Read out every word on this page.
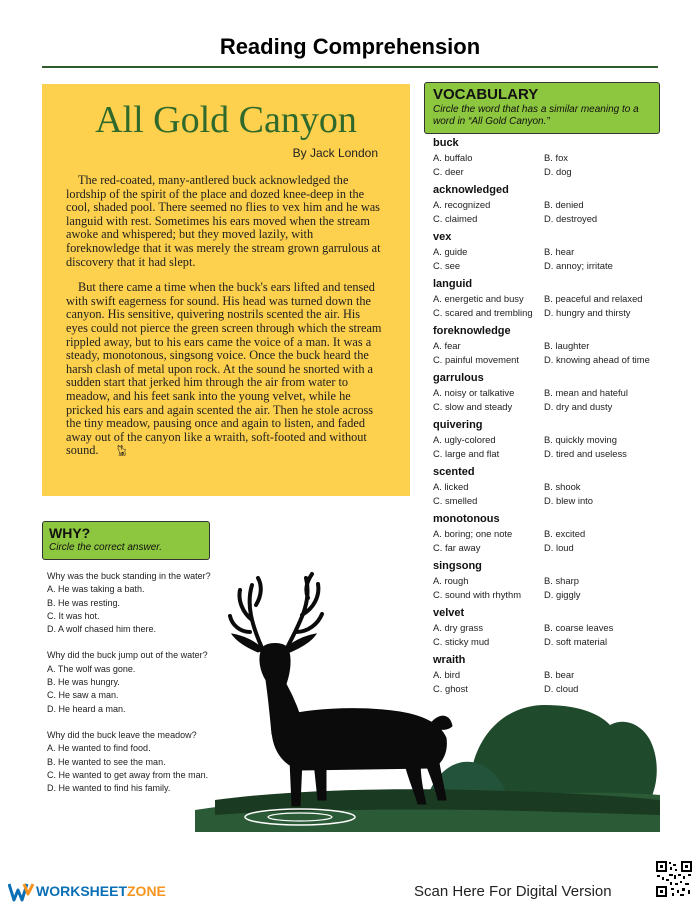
Reading Comprehension
All Gold Canyon
By Jack London

The red-coated, many-antlered buck acknowledged the lordship of the spirit of the place and dozed knee-deep in the cool, shaded pool. There seemed no flies to vex him and he was languid with rest. Sometimes his ears moved when the stream awoke and whispered; but they moved lazily, with foreknowledge that it was merely the stream grown garrulous at discovery that it had slept.

But there came a time when the buck's ears lifted and tensed with swift eagerness for sound. His head was turned down the canyon. His sensitive, quivering nostrils scented the air. His eyes could not pierce the green screen through which the stream rippled away, but to his ears came the voice of a man. It was a steady, monotonous, singsong voice. Once the buck heard the harsh clash of metal upon rock. At the sound he snorted with a sudden start that jerked him through the air from water to meadow, and his feet sank into the young velvet, while he pricked his ears and again scented the air. Then he stole across the tiny meadow, pausing once and again to listen, and faded away out of the canyon like a wraith, soft-footed and without sound. 🦌︎

WHY?
Circle the correct answer.
Why was the buck standing in the water?
A. He was taking a bath.
B. He was resting.
C. It was hot.
D. A wolf chased him there.
Why did the buck jump out of the water?
A. The wolf was gone.
B. He was hungry.
C. He saw a man.
D. He heard a man.
Why did the buck leave the meadow?
A. He wanted to find food.
B. He wanted to see the man.
C. He wanted to get away from the man.
D. He wanted to find his family.
VOCABULARY
Circle the word that has a similar meaning to a word in “All Gold Canyon.”
buck
A. buffalo	B. fox
C. deer	D. dog
acknowledged
A. recognized	B. denied
C. claimed	D. destroyed
vex
A. guide	B. hear
C. see	D. annoy; irritate
languid
A. energetic and busy	B. peaceful and relaxed
C. scared and trembling	D. hungry and thirsty
foreknowledge
A. fear	B. laughter
C. painful movement	D. knowing ahead of time
garrulous
A. noisy or talkative	B. mean and hateful
C. slow and steady	D. dry and dusty
quivering
A. ugly-colored	B. quickly moving
C. large and flat	D. tired and useless
scented
A. licked	B. shook
C. smelled	D. blew into
monotonous
A. boring; one note	B. excited
C. far away	D. loud
singsong
A. rough	B. sharp
C. sound with rhythm	D. giggly
velvet
A. dry grass	B. coarse leaves
C. sticky mud	D. soft material
wraith
A. bird	B. bear
C. ghost	D. cloud
WORKSHEETZONE	Scan Here For Digital Version
